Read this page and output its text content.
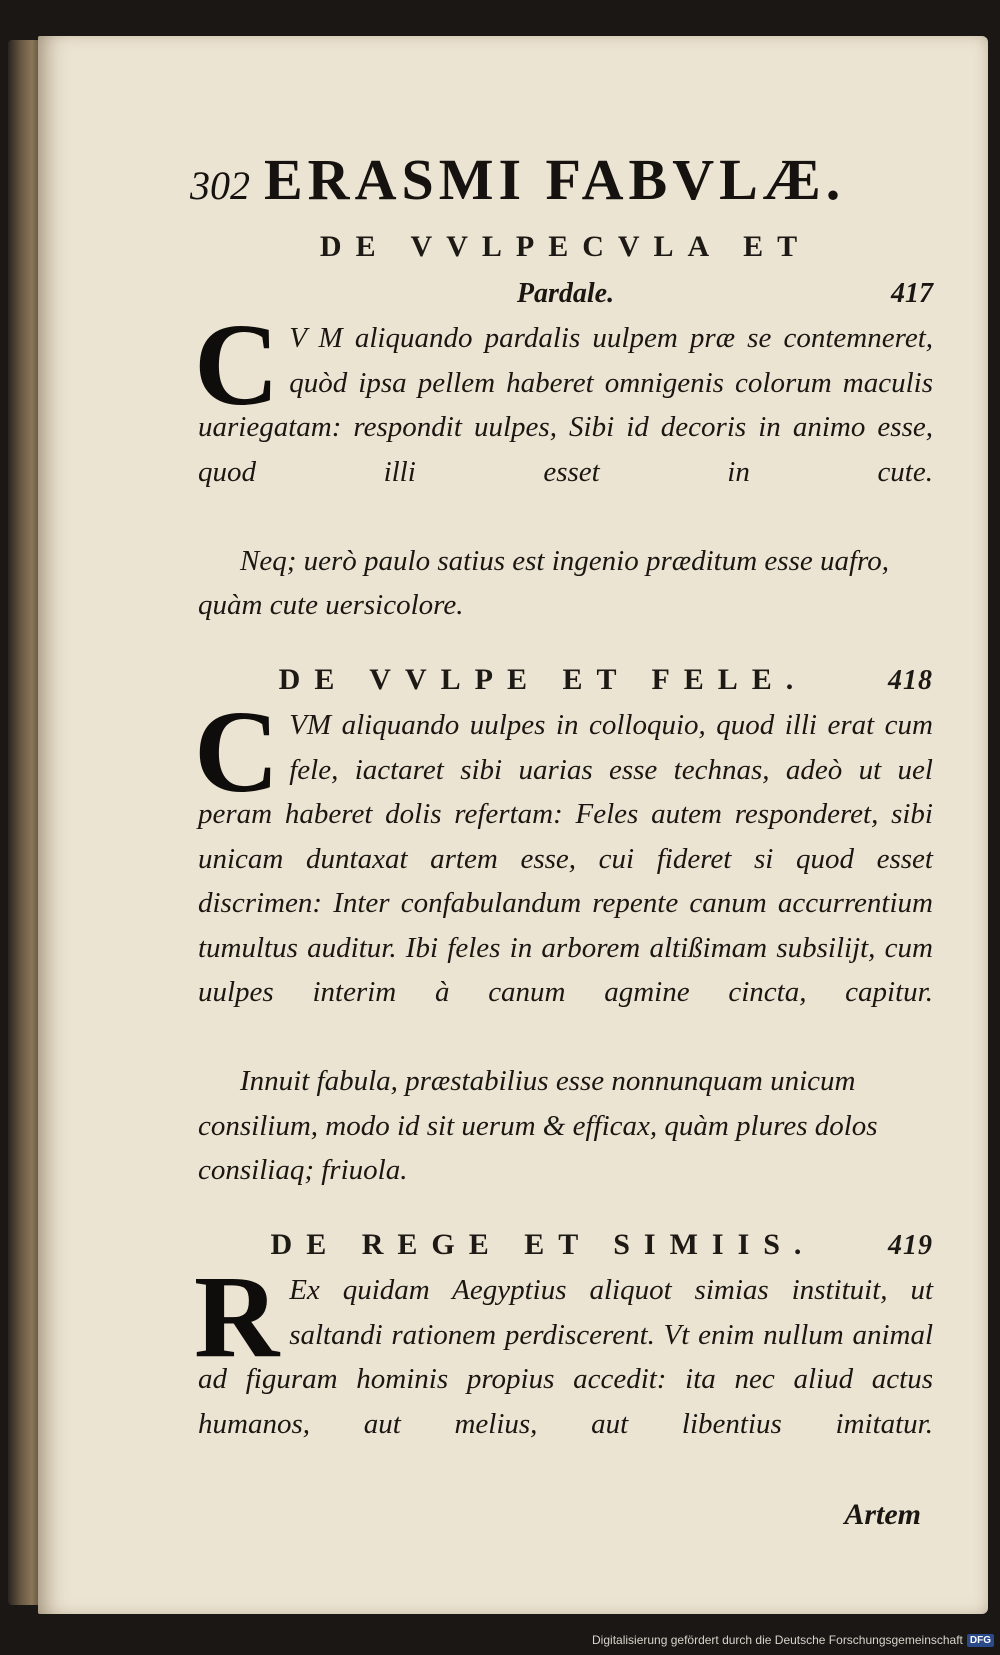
302 ERASMI FABVLÆ.
DE VVLPECVLA ET
Pardale.	417

C V M aliquando pardalis uulpem præ se contemneret, quòd ipsa pellem haberet omnigenis colorum maculis uariegatam: respondit uulpes, Sibi id decoris in animo esse, quod illi esset in cute.

Neq; uerò paulo satius est ingenio præditum esse uafro, quàm cute uersicolore.

DE VVLPE ET FELE.	418

CVM aliquando uulpes in colloquio, quod illi erat cum fele, iactaret sibi uarias esse technas, adeò ut uel peram haberet dolis refertam: Feles autem responderet, sibi unicam duntaxat artem esse, cui fideret si quod esset discrimen: Inter confabulandum repente canum accurrentium tumultus auditur. Ibi feles in arborem altißimam subsilijt, cum uulpes interim à canum agmine cincta, capitur.

Innuit fabula, præstabilius esse nonnunquam unicum consilium, modo id sit uerum & efficax, quàm plures dolos consiliaq; friuola.

DE REGE ET SIMIIS.	419

R Ex quidam Aegyptius aliquot simias instituit, ut saltandi rationem perdiscerent. Vt enim nullum animal ad figuram hominis propius accedit: ita nec aliud actus humanos, aut melius, aut libentius imitatur.

Artem
Digitalisierung gefördert durch die Deutsche Forschungsgemeinschaft DFG
